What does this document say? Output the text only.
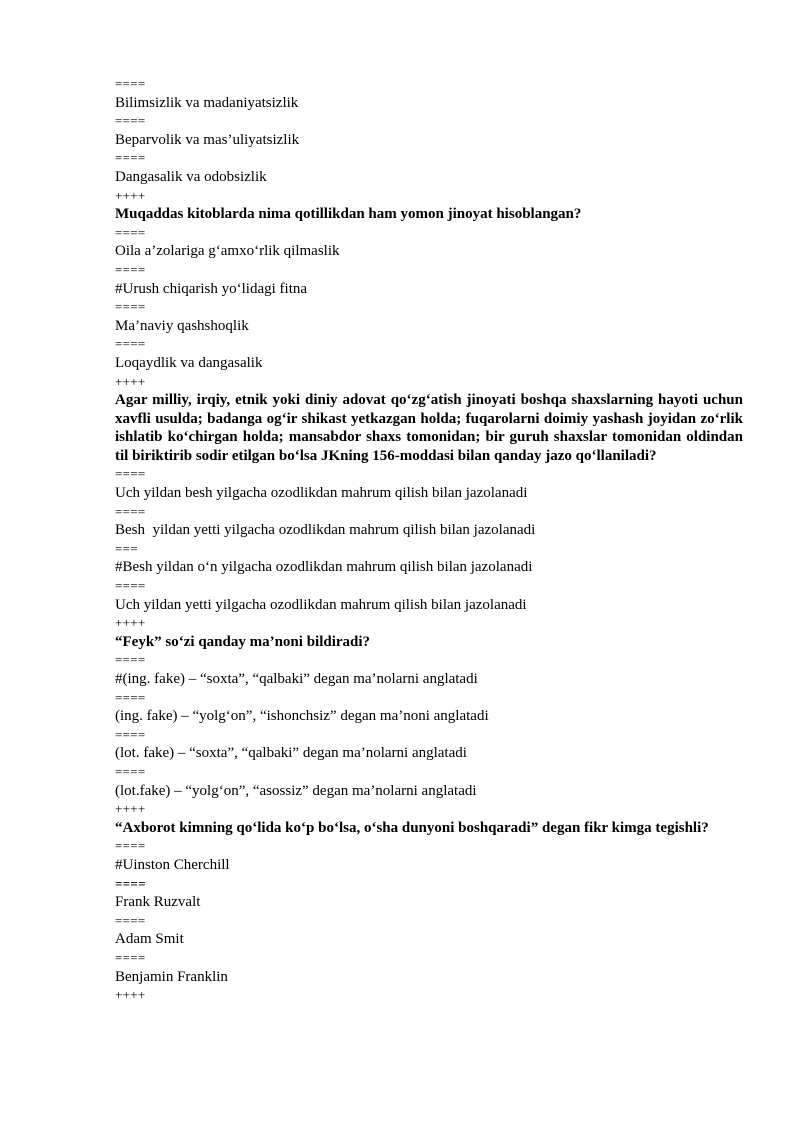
====
Bilimsizlik va madaniyatsizlik
====
Beparvolik va mas’uliyatsizlik
====
Dangasalik va odobsizlik
++++
Muqaddas kitoblarda nima qotillikdan ham yomon jinoyat hisoblangan?
====
Oila a’zolariga g‘amxo‘rlik qilmaslik
====
#Urush chiqarish yo‘lidagi fitna
====
Ma’naviy qashshoqlik
====
Loqaydlik va dangasalik
++++
Agar milliy, irqiy, etnik yoki diniy adovat qo‘zg‘atish jinoyati boshqa shaxslarning hayoti uchun xavfli usulda; badanga og‘ir shikast yetkazgan holda; fuqarolarni doimiy yashash joyidan zo‘rlik ishlatib ko‘chirgan holda; mansabdor shaxs tomonidan; bir guruh shaxslar tomonidan oldindan til biriktirib sodir etilgan bo‘lsa JKning 156-moddasi bilan qanday jazo qo‘llaniladi?
====
Uch yildan besh yilgacha ozodlikdan mahrum qilish bilan jazolanadi
====
Besh  yildan yetti yilgacha ozodlikdan mahrum qilish bilan jazolanadi
===
#Besh yildan o‘n yilgacha ozodlikdan mahrum qilish bilan jazolanadi
====
Uch yildan yetti yilgacha ozodlikdan mahrum qilish bilan jazolanadi
++++
“Feyk” so‘zi qanday ma’noni bildiradi?
====
#(ing. fake) – “soxta”, “qalbaki” degan ma’nolarni anglatadi
====
(ing. fake) – “yolg‘on”, “ishonchsiz” degan ma’noni anglatadi
====
(lot. fake) – “soxta”, “qalbaki” degan ma’nolarni anglatadi
====
(lot.fake) – “yolg‘on”, “asossiz” degan ma’nolarni anglatadi
++++
“Axborot kimning qo‘lida ko‘p bo‘lsa, o‘sha dunyoni boshqaradi” degan fikr kimga tegishli?
====
#Uinston Cherchill
====
Frank Ruzvalt
====
Adam Smit
====
Benjamin Franklin
++++
